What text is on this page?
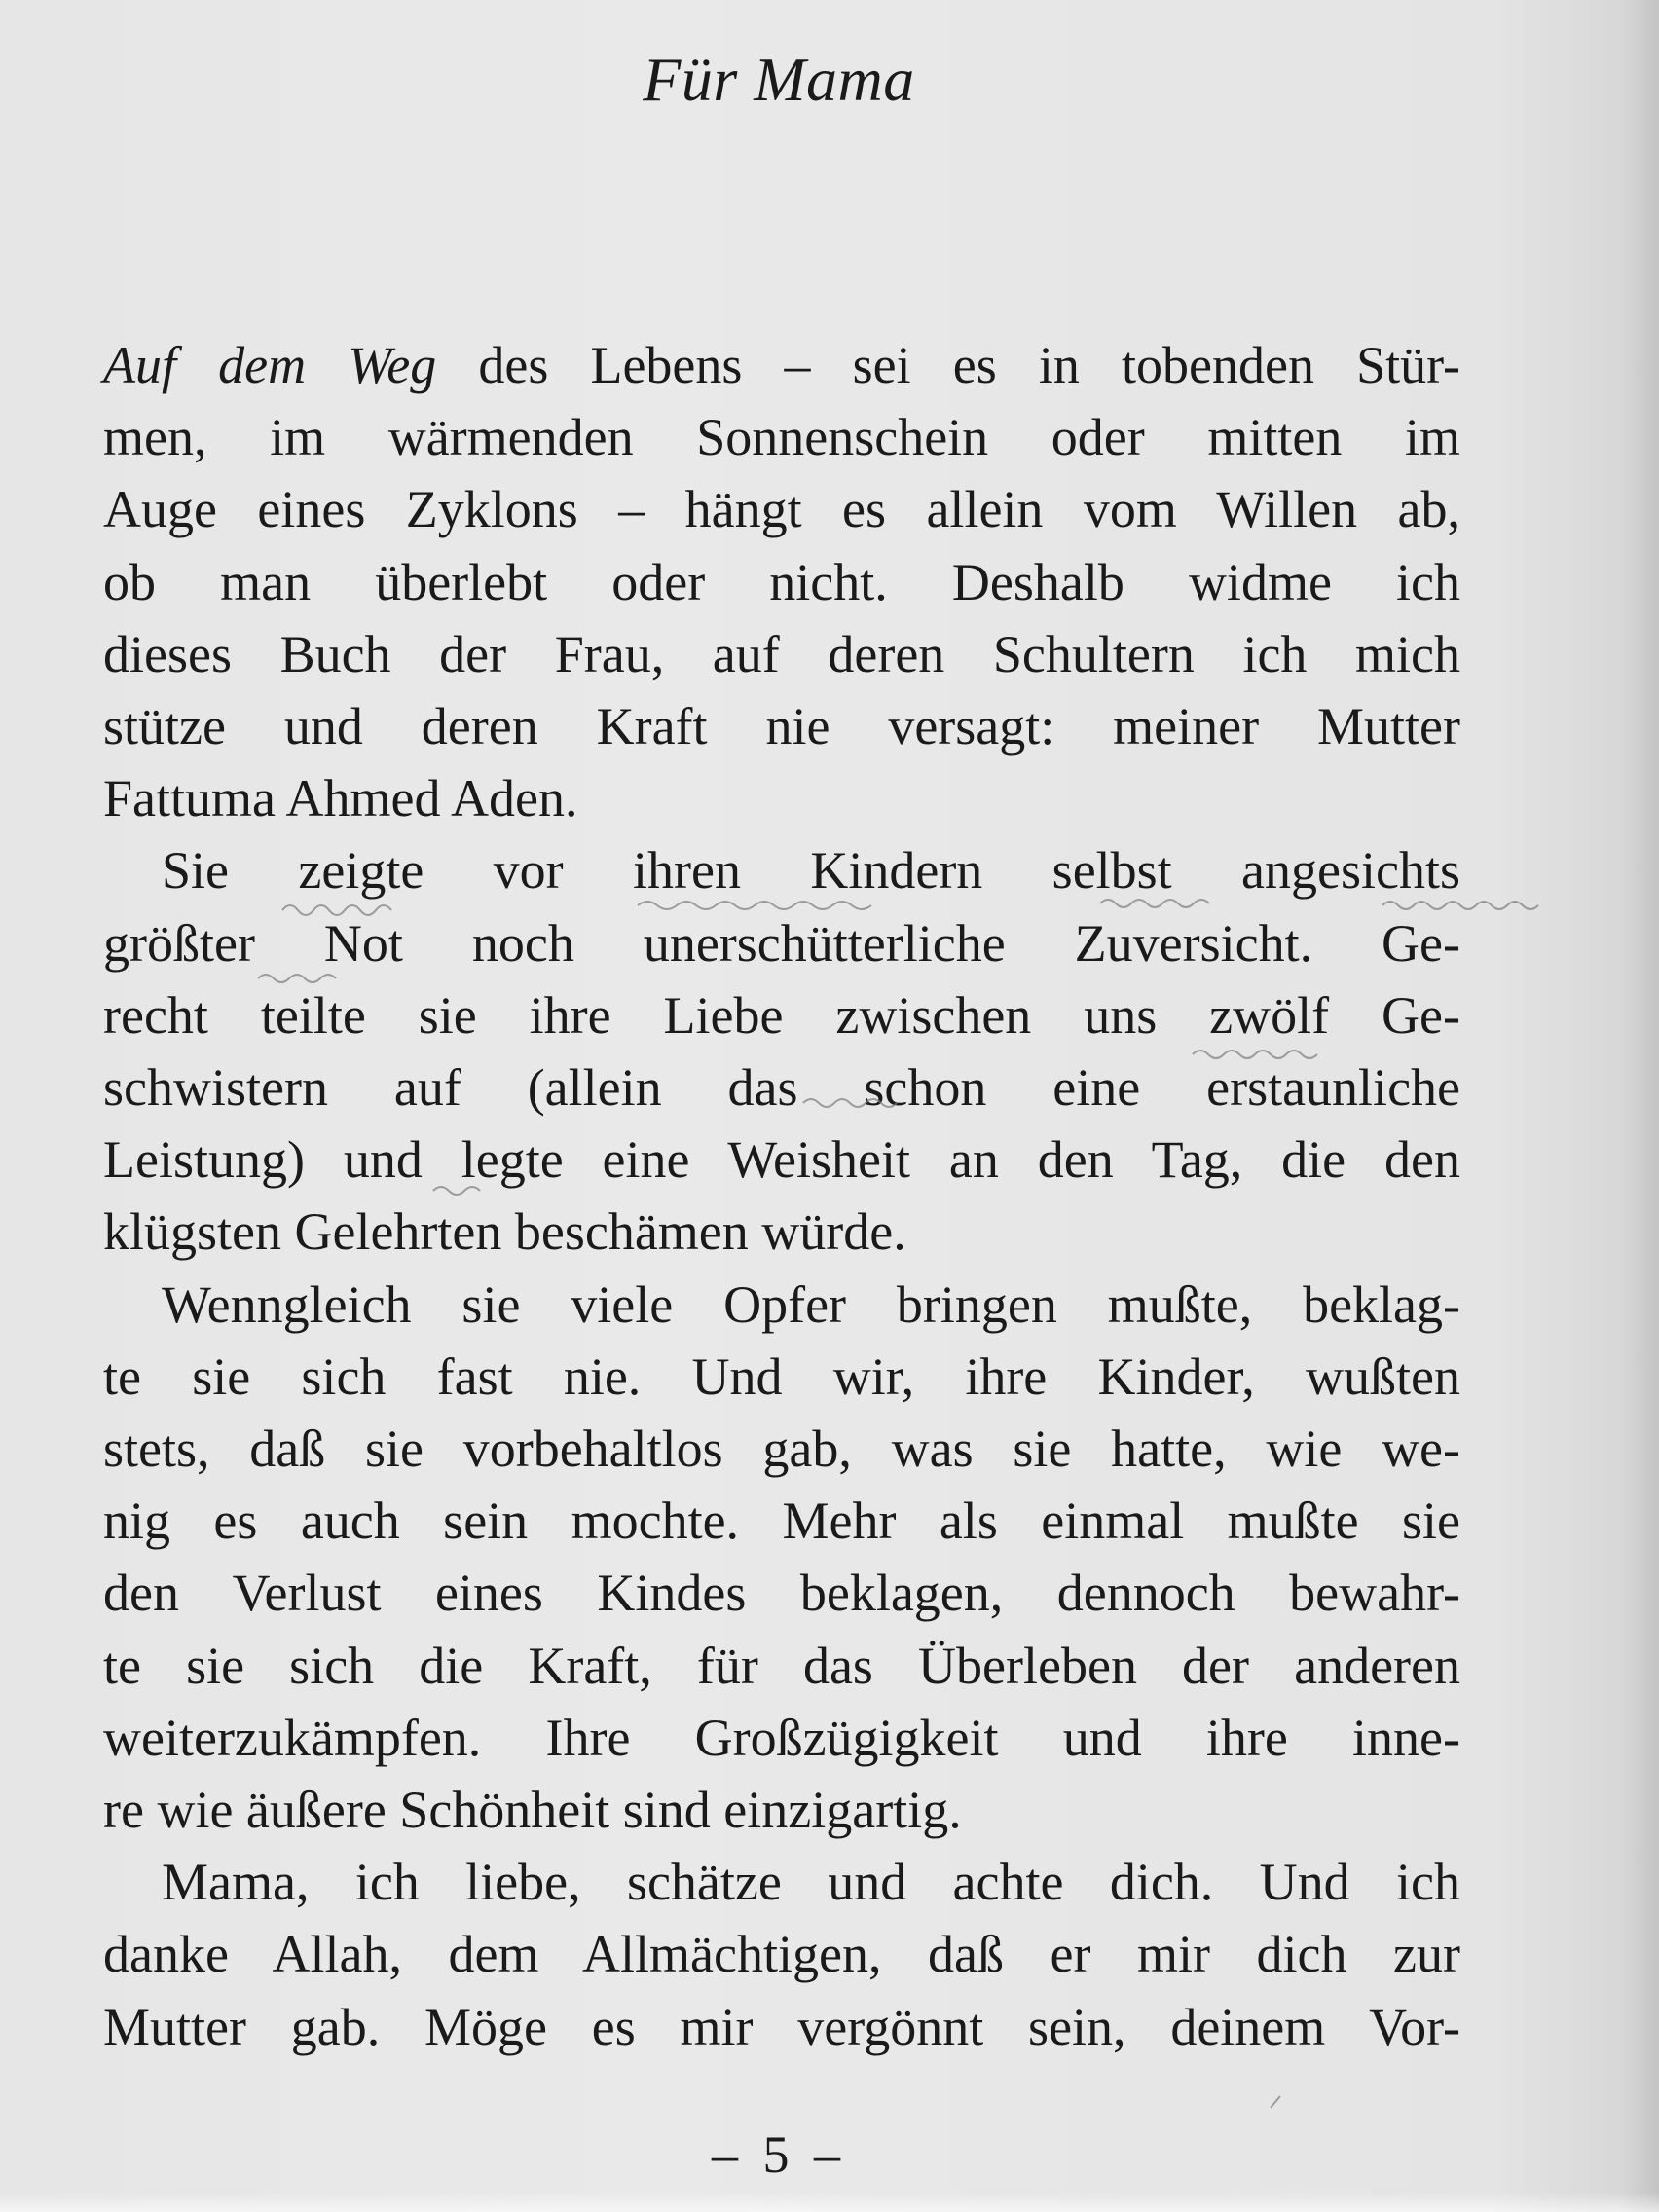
Für Mama

Auf dem Weg des Lebens – sei es in tobenden Stür-
men, im wärmenden Sonnenschein oder mitten im
Auge eines Zyklons – hängt es allein vom Willen ab,
ob man überlebt oder nicht. Deshalb widme ich
dieses Buch der Frau, auf deren Schultern ich mich
stütze und deren Kraft nie versagt: meiner Mutter
Fattuma Ahmed Aden.

Sie zeigte vor ihren Kindern selbst angesichts
größter Not noch unerschütterliche Zuversicht. Ge-
recht teilte sie ihre Liebe zwischen uns zwölf Ge-
schwistern auf (allein das schon eine erstaunliche
Leistung) und legte eine Weisheit an den Tag, die den
klügsten Gelehrten beschämen würde.

Wenngleich sie viele Opfer bringen mußte, beklag-
te sie sich fast nie. Und wir, ihre Kinder, wußten
stets, daß sie vorbehaltlos gab, was sie hatte, wie we-
nig es auch sein mochte. Mehr als einmal mußte sie
den Verlust eines Kindes beklagen, dennoch bewahr-
te sie sich die Kraft, für das Überleben der anderen
weiterzukämpfen. Ihre Großzügigkeit und ihre inne-
re wie äußere Schönheit sind einzigartig.

Mama, ich liebe, schätze und achte dich. Und ich
danke Allah, dem Allmächtigen, daß er mir dich zur
Mutter gab. Möge es mir vergönnt sein, deinem Vor-

– 5 –
